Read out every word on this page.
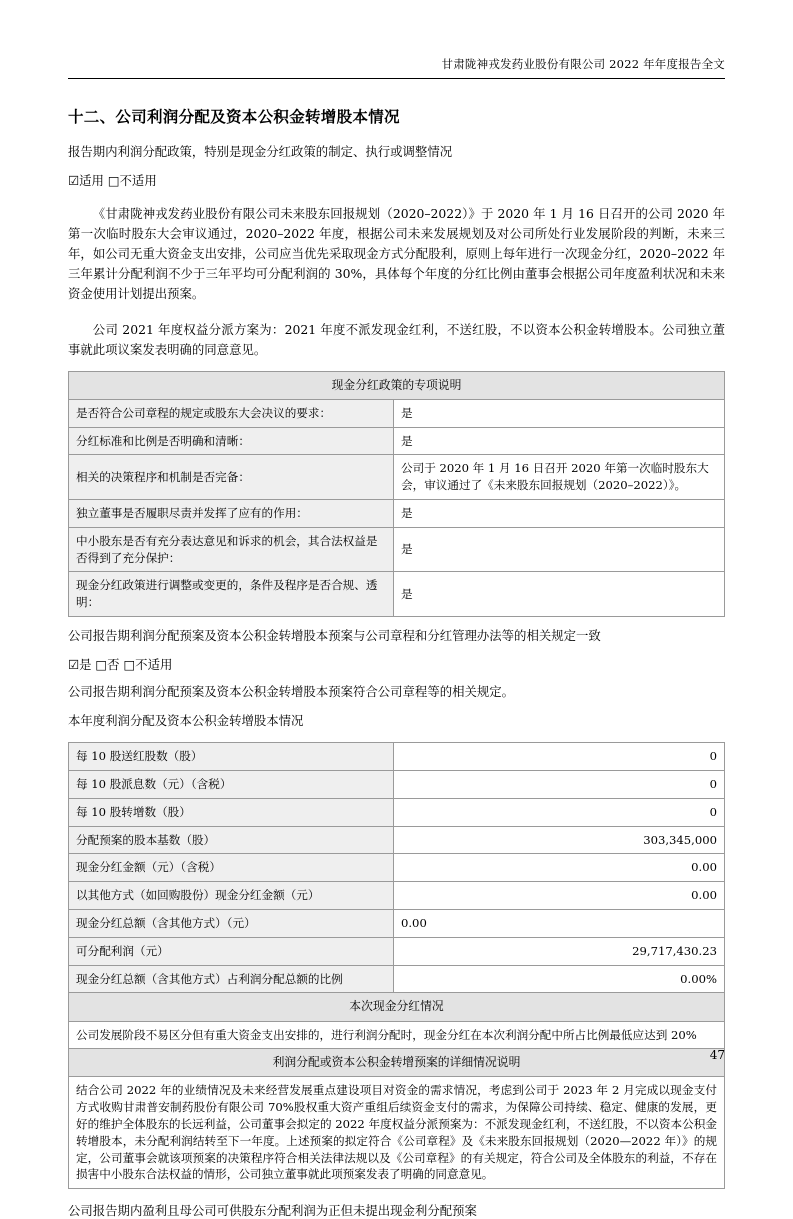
甘肃陇神戎发药业股份有限公司 2022 年年度报告全文
十二、公司利润分配及资本公积金转增股本情况

报告期内利润分配政策，特别是现金分红政策的制定、执行或调整情况

☑适用 □不适用

《甘肃陇神戎发药业股份有限公司未来股东回报规划（2020–2022）》于 2020 年 1 月 16 日召开的公司 2020 年第一次临时股东大会审议通过，2020–2022 年度，根据公司未来发展规划及对公司所处行业发展阶段的判断，未来三年，如公司无重大资金支出安排，公司应当优先采取现金方式分配股利，原则上每年进行一次现金分红，2020–2022 年三年累计分配利润不少于三年平均可分配利润的 30%，具体每个年度的分红比例由董事会根据公司年度盈利状况和未来资金使用计划提出预案。

公司 2021 年度权益分派方案为：2021 年度不派发现金红利，不送红股，不以资本公积金转增股本。公司独立董事就此项议案发表明确的同意意见。

现金分红政策的专项说明	
是否符合公司章程的规定或股东大会决议的要求：	是
分红标准和比例是否明确和清晰：	是
相关的决策程序和机制是否完备：	公司于 2020 年 1 月 16 日召开 2020 年第一次临时股东大会，审议通过了《未来股东回报规划（2020–2022）》。
独立董事是否履职尽责并发挥了应有的作用：	是
中小股东是否有充分表达意见和诉求的机会，其合法权益是否得到了充分保护：	是
现金分红政策进行调整或变更的，条件及程序是否合规、透明：	是

公司报告期利润分配预案及资本公积金转增股本预案与公司章程和分红管理办法等的相关规定一致

☑是 □否 □不适用

公司报告期利润分配预案及资本公积金转增股本预案符合公司章程等的相关规定。

本年度利润分配及资本公积金转增股本情况

每 10 股送红股数（股）	0
每 10 股派息数（元）（含税）	0
每 10 股转增数（股）	0
分配预案的股本基数（股）	303,345,000
现金分红金额（元）（含税）	0.00
以其他方式（如回购股份）现金分红金额（元）	0.00
现金分红总额（含其他方式）（元）	0.00
可分配利润（元）	29,717,430.23
现金分红总额（含其他方式）占利润分配总额的比例	0.00%
本次现金分红情况	
公司发展阶段不易区分但有重大资金支出安排的，进行利润分配时，现金分红在本次利润分配中所占比例最低应达到 20%	
利润分配或资本公积金转增预案的详细情况说明	
结合公司 2022 年的业绩情况及未来经营发展重点建设项目对资金的需求情况，考虑到公司于 2023 年 2 月完成以现金支付方式收购甘肃普安制药股份有限公司 70%股权重大资产重组后续资金支付的需求，为保障公司持续、稳定、健康的发展，更好的维护全体股东的长远利益，公司董事会拟定的 2022 年度权益分派预案为：不派发现金红利，不送红股，不以资本公积金转增股本，未分配利润结转至下一年度。上述预案的拟定符合《公司章程》及《未来股东回报规划（2020—2022 年）》的规定，公司董事会就该项预案的决策程序符合相关法律法规以及《公司章程》的有关规定，符合公司及全体股东的利益，不存在损害中小股东合法权益的情形，公司独立董事就此项预案发表了明确的同意意见。	

公司报告期内盈利且母公司可供股东分配利润为正但未提出现金利分配预案

47
